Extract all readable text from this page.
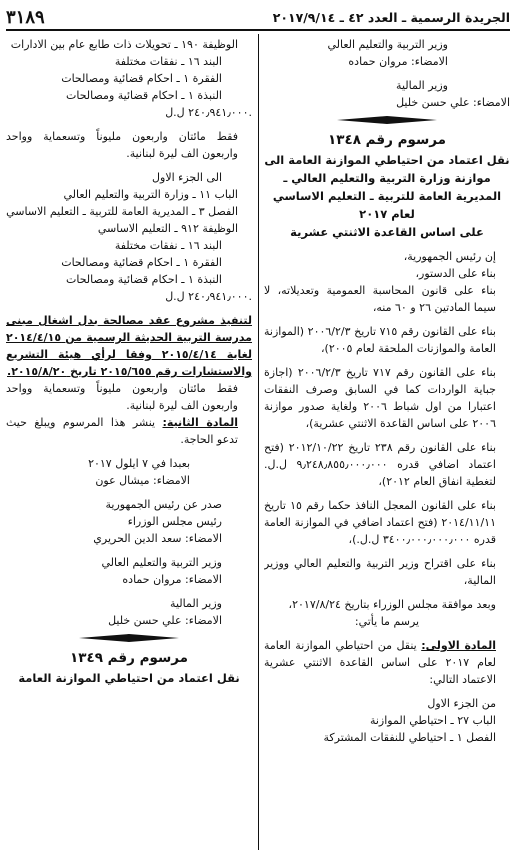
الجريدة الرسمية ـ العدد ٤٢ ـ ٢٠١٧/٩/١٤
٣١٨٩

وزير التربية والتعليم العالي

الامضاء: مروان حماده

وزير المالية

الامضاء: علي حسن خليل

مرسوم رقم ١٣٤٨

نقل اعتماد من احتياطي الموازنة العامة الى موازنة وزارة التربية والتعليم العالي ـ المديرية العامة للتربية ـ التعليم الاساسي لعام ٢٠١٧

على اساس القاعدة الاثنتي عشرية

إن رئيس الجمهورية،

بناء على الدستور،

بناء على قانون المحاسبة العمومية وتعديلاته، لا سيما المادتين ٢٦ و ٦٠ منه،

بناء على القانون رقم ٧١٥ تاريخ ٢٠٠٦/٢/٣ (الموازنة العامة والموازنات الملحقة لعام ٢٠٠٥)،

بناء على القانون رقم ٧١٧ تاريخ ٢٠٠٦/٢/٣ (اجازة جباية الواردات كما في السابق وصرف النفقات اعتبارا من اول شباط ٢٠٠٦ ولغاية صدور موازنة ٢٠٠٦ على اساس القاعدة الاثنتي عشرية)،

بناء على القانون رقم ٢٣٨ تاريخ ٢٠١٢/١٠/٢٢ (فتح اعتماد اضافي قدره ٩٫٢٤٨٫٨٥٥٫٠٠٠٫٠٠٠ ل.ل. لتغطية انفاق العام ٢٠١٢)،

بناء على القانون المعجل النافذ حكما رقم ١٥ تاريخ ٢٠١٤/١١/١١ (فتح اعتماد اضافي في الموازنة العامة قدره ٣٤٠٠٫٠٠٠٫٠٠٠٫٠٠٠ ل.ل.)،

بناء على اقتراح وزير التربية والتعليم العالي ووزير المالية،

وبعد موافقة مجلس الوزراء بتاريخ ٢٠١٧/٨/٢٤،

يرسم ما يأتي:

المادة الاولى: ينقل من احتياطي الموازنة العامة لعام ٢٠١٧ على اساس القاعدة الاثنتي عشرية الاعتماد التالي:

من الجزء الاول

الباب ٢٧ ـ احتياطي الموازنة

الفصل ١ ـ احتياطي للنفقات المشتركة

الوظيفة ١٩٠ ـ تحويلات ذات طابع عام بين الادارات

البند ١٦ ـ نفقات مختلفة

الفقرة ١ ـ احكام قضائية ومصالحات

النبذة ١ ـ احكام قضائية ومصالحات

٢٤٠٫٩٤١٫٠٠٠ ل.ل.

فقط مائتان واربعون مليوناً وتسعماية وواحد واربعون الف ليرة لبنانية.

الى الجزء الاول

الباب ١١ ـ وزارة التربية والتعليم العالي

الفصل ٣ ـ المديرية العامة للتربية ـ التعليم الاساسي

الوظيفة ٩١٢ ـ التعليم الاساسي

البند ١٦ ـ نفقات مختلفة

الفقرة ١ ـ احكام قضائية ومصالحات

النبذة ١ ـ احكام قضائية ومصالحات

٢٤٠٫٩٤١٫٠٠٠ ل.ل.

لتنفيذ مشروع عقد مصالحة بدل اشغال مبنى مدرسة التربية الحديثة الرسمية من ٢٠١٤/٤/١٥ لغاية ٢٠١٥/٤/١٤ وفقا لرأي هيئة التشريع والاستشارات رقم ٢٠١٥/٦٥٥ تاريخ ٢٠١٥/٨/٢٠.

فقط مائتان واربعون مليوناً وتسعماية وواحد واربعون الف ليرة لبنانية.

المادة الثانية: ينشر هذا المرسوم ويبلغ حيث تدعو الحاجة.

بعبدا في ٧ ايلول ٢٠١٧

الامضاء: ميشال عون

صدر عن رئيس الجمهورية

رئيس مجلس الوزراء

الامضاء: سعد الدين الحريري

وزير التربية والتعليم العالي

الامضاء: مروان حماده

وزير المالية

الامضاء: علي حسن خليل

مرسوم رقم ١٣٤٩

نقل اعتماد من احتياطي الموازنة العامة
